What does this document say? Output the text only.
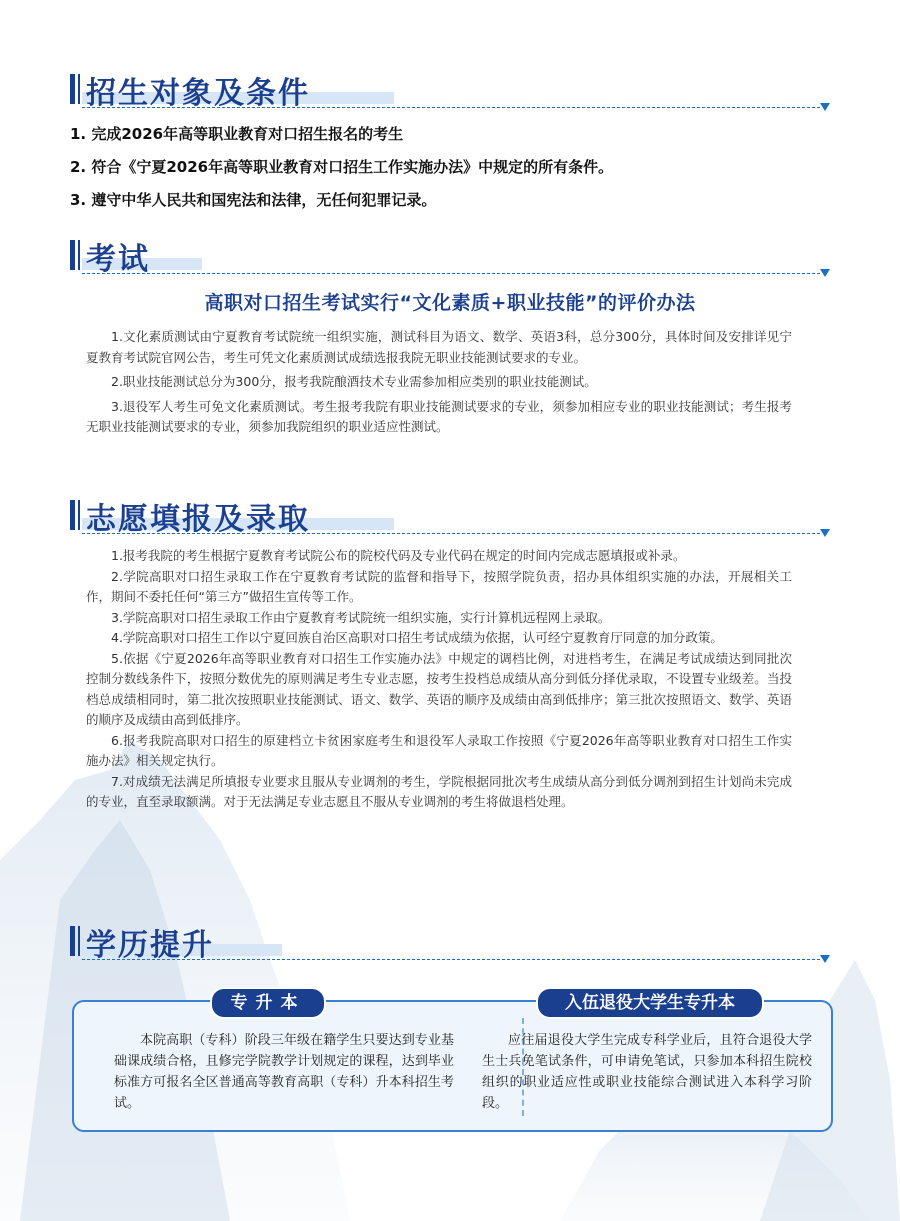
招生对象及条件
1. 完成2026年高等职业教育对口招生报名的考生
2. 符合《宁夏2026年高等职业教育对口招生工作实施办法》中规定的所有条件。
3. 遵守中华人民共和国宪法和法律，无任何犯罪记录。
考试
高职对口招生考试实行“文化素质+职业技能”的评价办法

1.文化素质测试由宁夏教育考试院统一组织实施，测试科目为语文、数学、英语3科，总分300分，具体时间及安排详见宁夏教育考试院官网公告，考生可凭文化素质测试成绩选报我院无职业技能测试要求的专业。

2.职业技能测试总分为300分，报考我院酿酒技术专业需参加相应类别的职业技能测试。

3.退役军人考生可免文化素质测试。考生报考我院有职业技能测试要求的专业，须参加相应专业的职业技能测试；考生报考无职业技能测试要求的专业，须参加我院组织的职业适应性测试。

志愿填报及录取

1.报考我院的考生根据宁夏教育考试院公布的院校代码及专业代码在规定的时间内完成志愿填报或补录。

2.学院高职对口招生录取工作在宁夏教育考试院的监督和指导下，按照学院负责，招办具体组织实施的办法，开展相关工作，期间不委托任何“第三方”做招生宣传等工作。

3.学院高职对口招生录取工作由宁夏教育考试院统一组织实施，实行计算机远程网上录取。

4.学院高职对口招生工作以宁夏回族自治区高职对口招生考试成绩为依据，认可经宁夏教育厅同意的加分政策。

5.依据《宁夏2026年高等职业教育对口招生工作实施办法》中规定的调档比例，对进档考生，在满足考试成绩达到同批次控制分数线条件下，按照分数优先的原则满足考生专业志愿，按考生投档总成绩从高分到低分择优录取，不设置专业级差。当投档总成绩相同时，第二批次按照职业技能测试、语文、数学、英语的顺序及成绩由高到低排序；第三批次按照语文、数学、英语的顺序及成绩由高到低排序。

6.报考我院高职对口招生的原建档立卡贫困家庭考生和退役军人录取工作按照《宁夏2026年高等职业教育对口招生工作实施办法》相关规定执行。

7.对成绩无法满足所填报专业要求且服从专业调剂的考生，学院根据同批次考生成绩从高分到低分调剂到招生计划尚未完成的专业，直至录取额满。对于无法满足专业志愿且不服从专业调剂的考生将做退档处理。

学历提升
专升本	入伍退役大学生专升本
本院高职（专科）阶段三年级在籍学生只要达到专业基础课成绩合格，且修完学院教学计划规定的课程，达到毕业标准方可报名全区普通高等教育高职（专科）升本科招生考试。
应往届退役大学生完成专科学业后，且符合退役大学生士兵免笔试条件，可申请免笔试，只参加本科招生院校组织的职业适应性或职业技能综合测试进入本科学习阶段。
